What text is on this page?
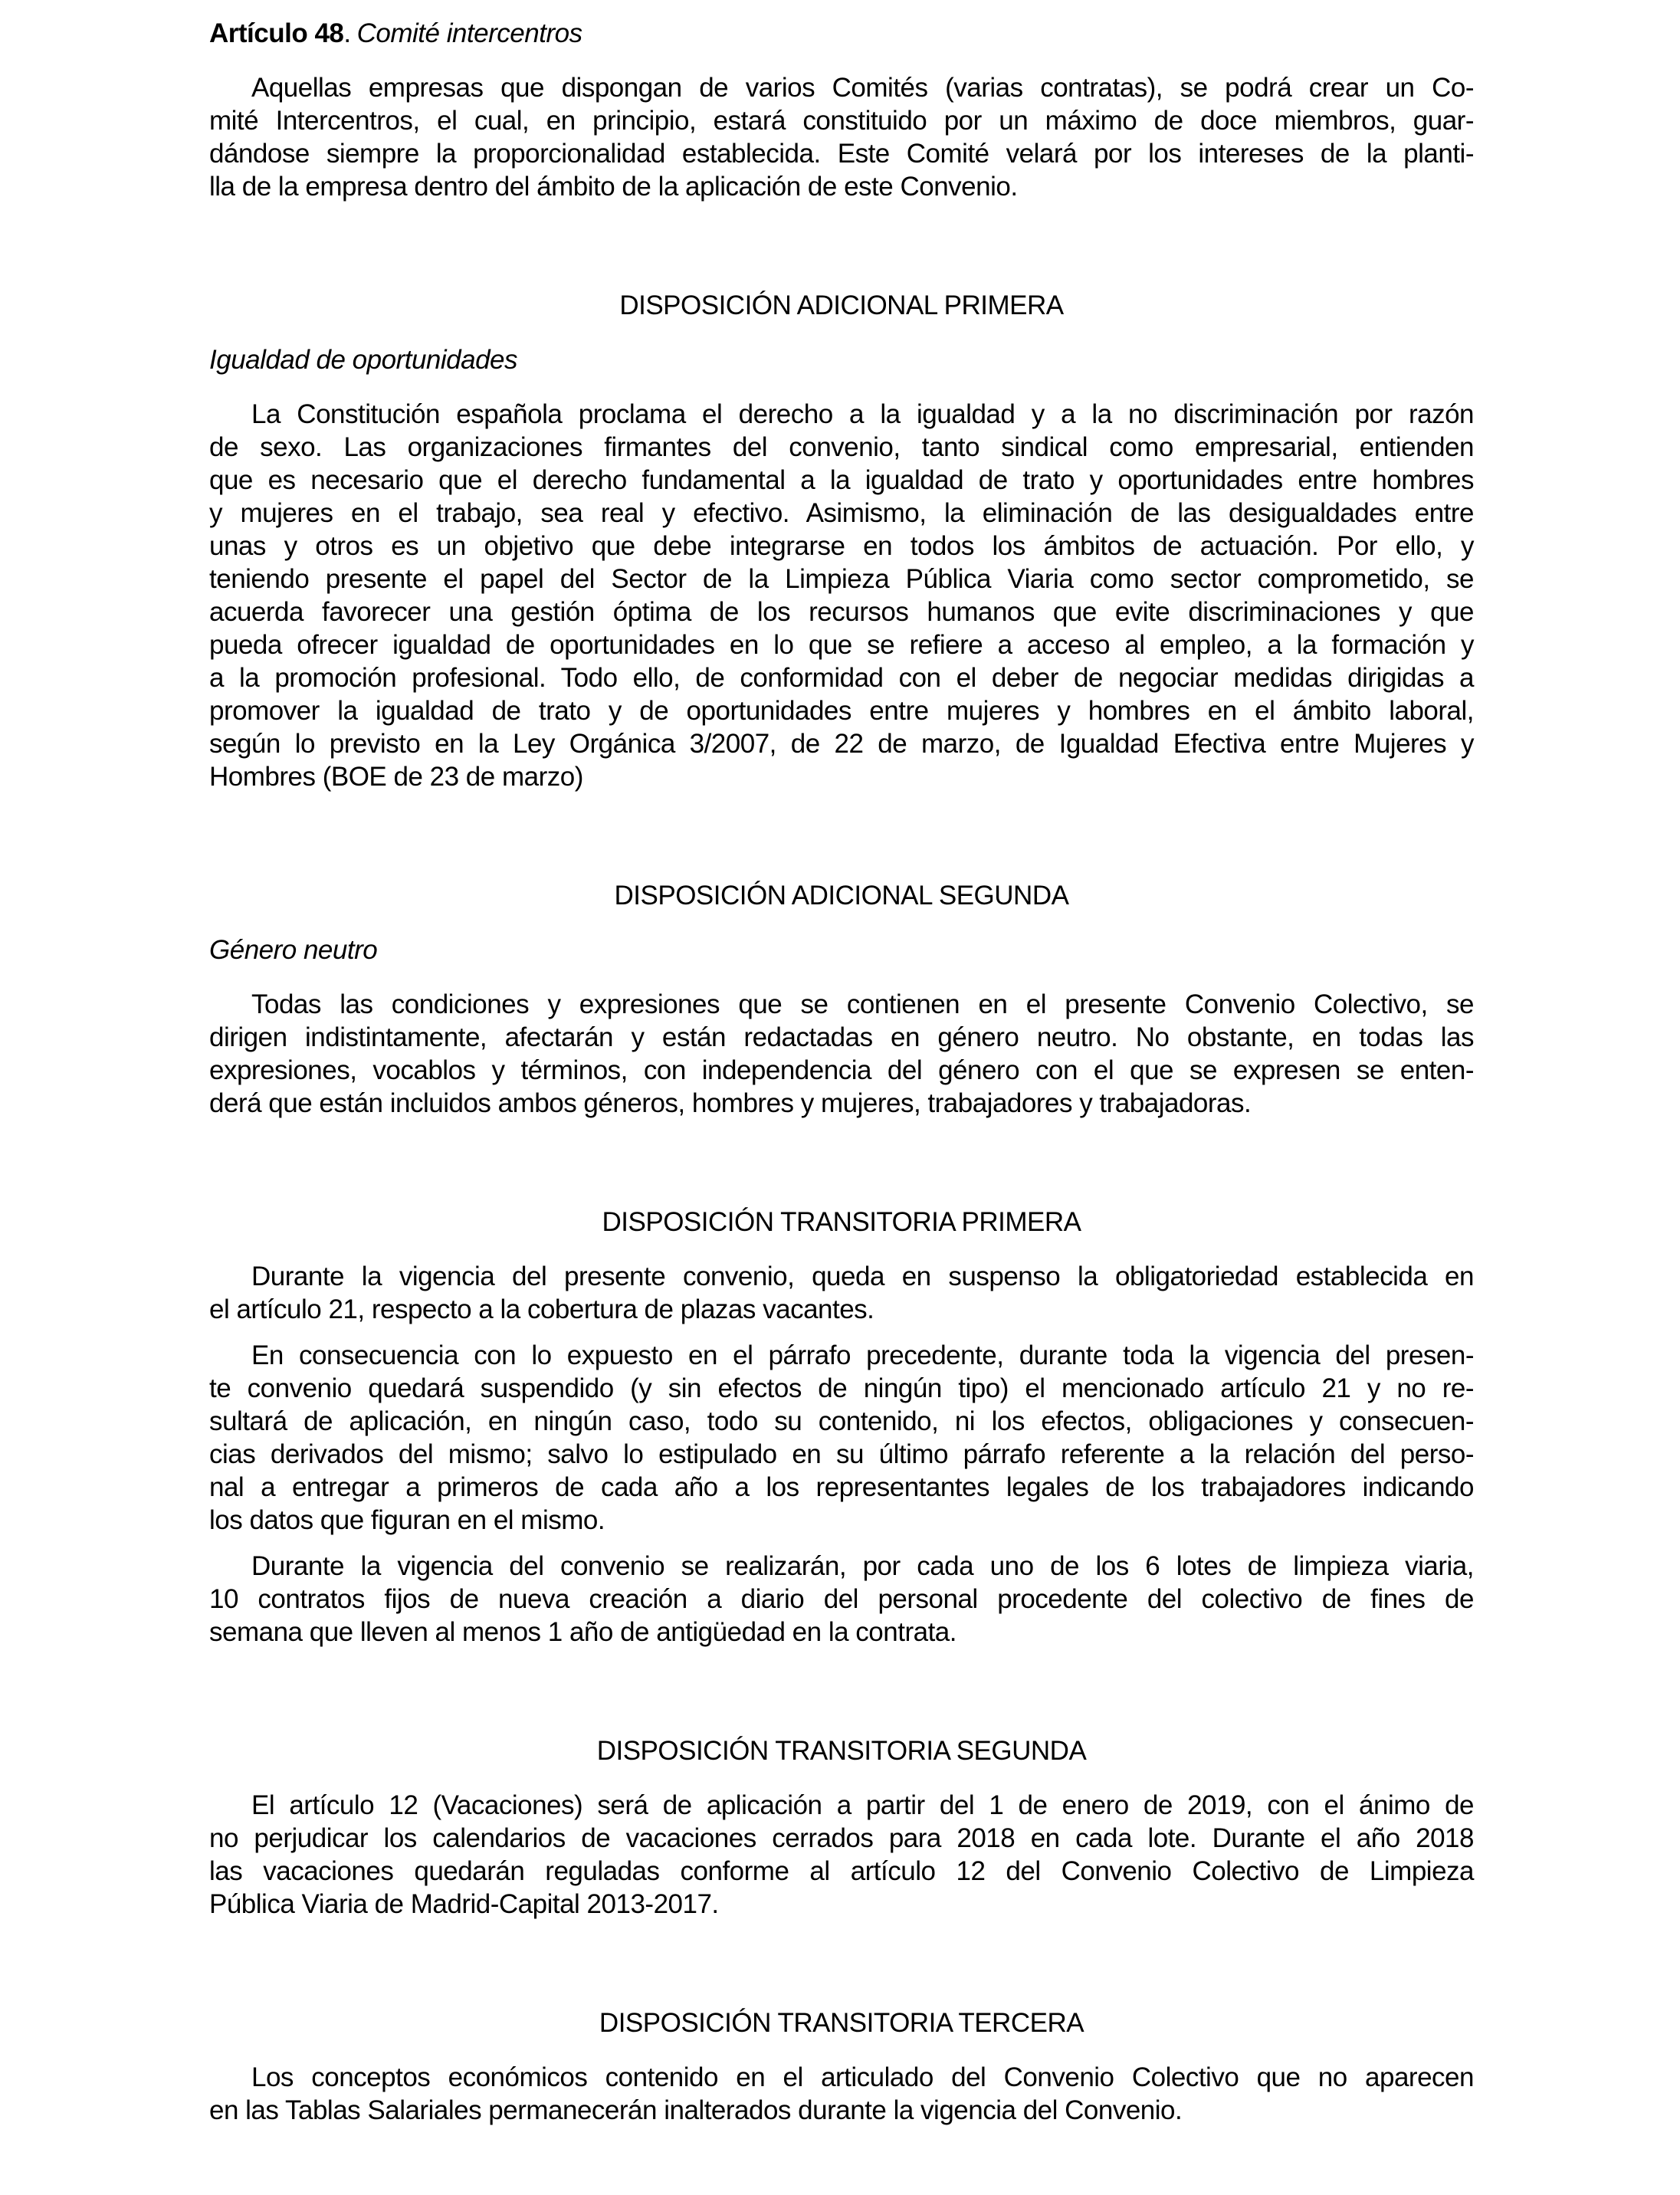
Artículo 48. Comité intercentros
Aquellas empresas que dispongan de varios Comités (varias contratas), se podrá crear un Co-
mité Intercentros, el cual, en principio, estará constituido por un máximo de doce miembros, guar-
dándose siempre la proporcionalidad establecida. Este Comité velará por los intereses de la planti-
lla de la empresa dentro del ámbito de la aplicación de este Convenio.
DISPOSICIÓN ADICIONAL PRIMERA
Igualdad de oportunidades
La Constitución española proclama el derecho a la igualdad y a la no discriminación por razón
de sexo. Las organizaciones firmantes del convenio, tanto sindical como empresarial, entienden
que es necesario que el derecho fundamental a la igualdad de trato y oportunidades entre hombres
y mujeres en el trabajo, sea real y efectivo. Asimismo, la eliminación de las desigualdades entre
unas y otros es un objetivo que debe integrarse en todos los ámbitos de actuación. Por ello, y
teniendo presente el papel del Sector de la Limpieza Pública Viaria como sector comprometido, se
acuerda favorecer una gestión óptima de los recursos humanos que evite discriminaciones y que
pueda ofrecer igualdad de oportunidades en lo que se refiere a acceso al empleo, a la formación y
a la promoción profesional. Todo ello, de conformidad con el deber de negociar medidas dirigidas a
promover la igualdad de trato y de oportunidades entre mujeres y hombres en el ámbito laboral,
según lo previsto en la Ley Orgánica 3/2007, de 22 de marzo, de Igualdad Efectiva entre Mujeres y
Hombres (BOE de 23 de marzo)
DISPOSICIÓN ADICIONAL SEGUNDA
Género neutro
Todas las condiciones y expresiones que se contienen en el presente Convenio Colectivo, se
dirigen indistintamente, afectarán y están redactadas en género neutro. No obstante, en todas las
expresiones, vocablos y términos, con independencia del género con el que se expresen se enten-
derá que están incluidos ambos géneros, hombres y mujeres, trabajadores y trabajadoras.
DISPOSICIÓN TRANSITORIA PRIMERA
Durante la vigencia del presente convenio, queda en suspenso la obligatoriedad establecida en
el artículo 21, respecto a la cobertura de plazas vacantes.
En consecuencia con lo expuesto en el párrafo precedente, durante toda la vigencia del presen-
te convenio quedará suspendido (y sin efectos de ningún tipo) el mencionado artículo 21 y no re-
sultará de aplicación, en ningún caso, todo su contenido, ni los efectos, obligaciones y consecuen-
cias derivados del mismo; salvo lo estipulado en su último párrafo referente a la relación del perso-
nal a entregar a primeros de cada año a los representantes legales de los trabajadores indicando
los datos que figuran en el mismo.
Durante la vigencia del convenio se realizarán, por cada uno de los 6 lotes de limpieza viaria,
10 contratos fijos de nueva creación a diario del personal procedente del colectivo de fines de
semana que lleven al menos 1 año de antigüedad en la contrata.
DISPOSICIÓN TRANSITORIA SEGUNDA
El artículo 12 (Vacaciones) será de aplicación a partir del 1 de enero de 2019, con el ánimo de
no perjudicar los calendarios de vacaciones cerrados para 2018 en cada lote. Durante el año 2018
las vacaciones quedarán reguladas conforme al artículo 12 del Convenio Colectivo de Limpieza
Pública Viaria de Madrid-Capital 2013-2017.
DISPOSICIÓN TRANSITORIA TERCERA
Los conceptos económicos contenido en el articulado del Convenio Colectivo que no aparecen
en las Tablas Salariales permanecerán inalterados durante la vigencia del Convenio.
